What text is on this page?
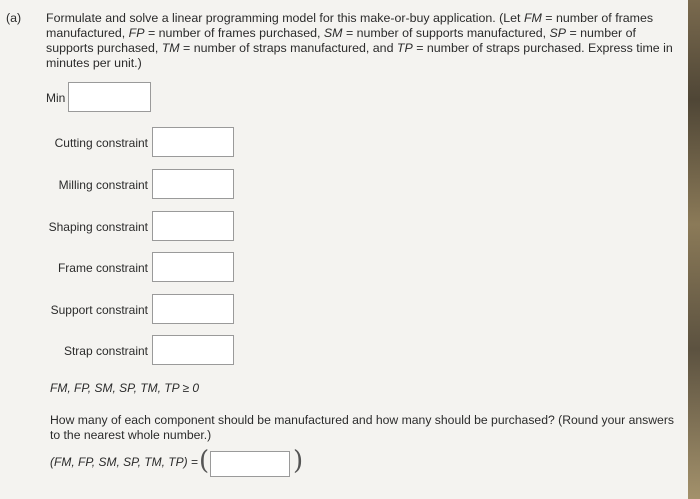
(a) Formulate and solve a linear programming model for this make-or-buy application. (Let FM = number of frames manufactured, FP = number of frames purchased, SM = number of supports manufactured, SP = number of supports purchased, TM = number of straps manufactured, and TP = number of straps purchased. Express time in minutes per unit.)
Min
Cutting constraint
Milling constraint
Shaping constraint
Frame constraint
Support constraint
Strap constraint
FM, FP, SM, SP, TM, TP ≥ 0
How many of each component should be manufactured and how many should be purchased? (Round your answers to the nearest whole number.)
(FM, FP, SM, SP, TM, TP) = (	)
